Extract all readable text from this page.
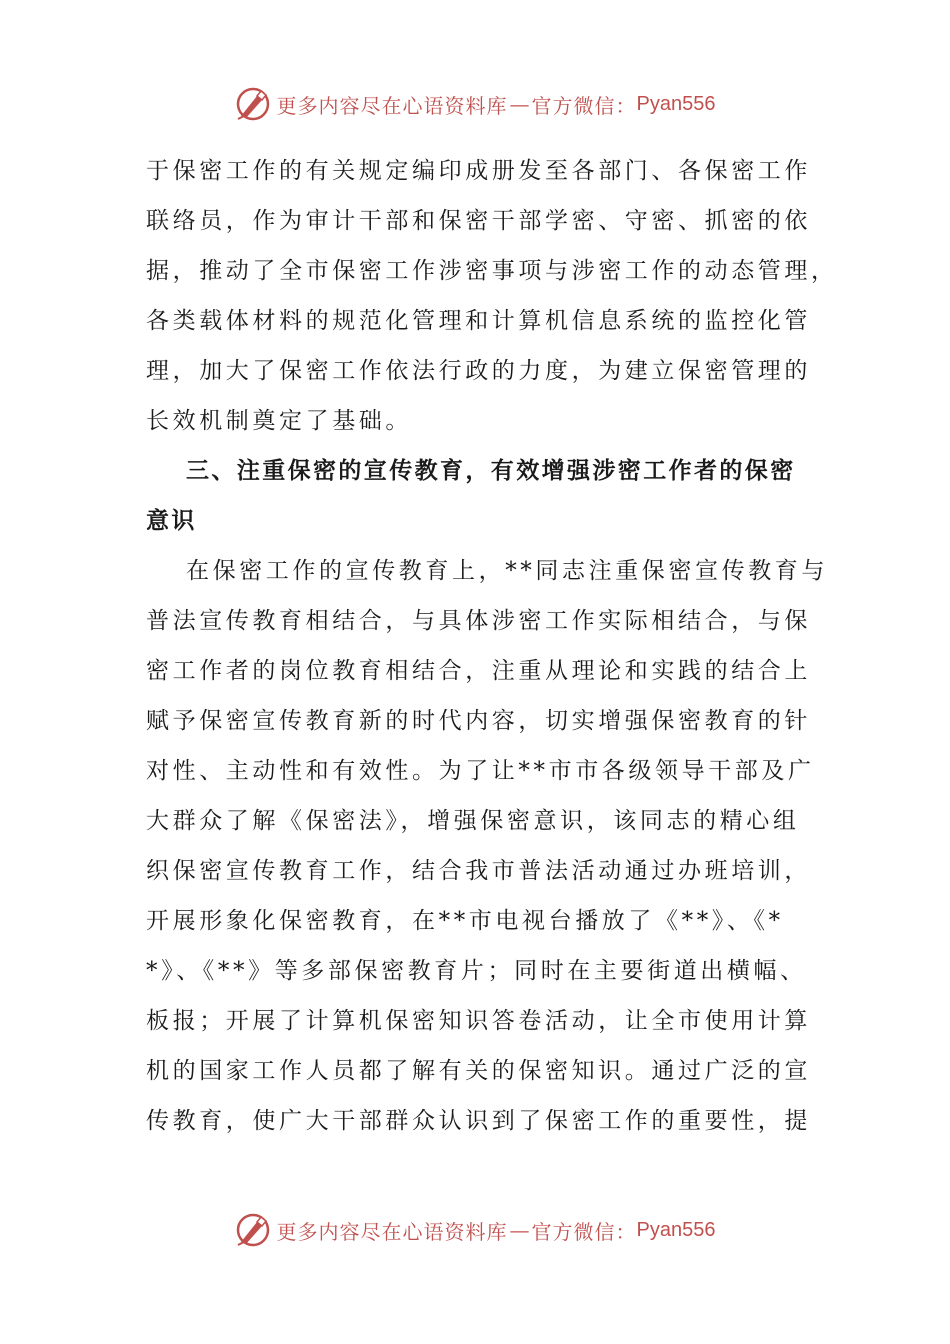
更多内容尽在心语资料库 — 官方微信： Pyan556
于保密工作的有关规定编印成册发至各部门、各保密工作
联络员，作为审计干部和保密干部学密、守密、抓密的依
据，推动了全市保密工作涉密事项与涉密工作的动态管理，
各类载体材料的规范化管理和计算机信息系统的监控化管
理，加大了保密工作依法行政的力度，为建立保密管理的
长效机制奠定了基础。
三、注重保密的宣传教育，有效增强涉密工作者的保密
意识
在保密工作的宣传教育上，**同志注重保密宣传教育与
普法宣传教育相结合，与具体涉密工作实际相结合，与保
密工作者的岗位教育相结合，注重从理论和实践的结合上
赋予保密宣传教育新的时代内容，切实增强保密教育的针
对性、主动性和有效性。为了让**市市各级领导干部及广
大群众了解《保密法》，增强保密意识，该同志的精心组
织保密宣传教育工作，结合我市普法活动通过办班培训，
开展形象化保密教育，在**市电视台播放了《**》、《*
*》、《**》等多部保密教育片；同时在主要街道出横幅、
板报；开展了计算机保密知识答卷活动，让全市使用计算
机的国家工作人员都了解有关的保密知识。通过广泛的宣
传教育，使广大干部群众认识到了保密工作的重要性，提
更多内容尽在心语资料库 — 官方微信： Pyan556
